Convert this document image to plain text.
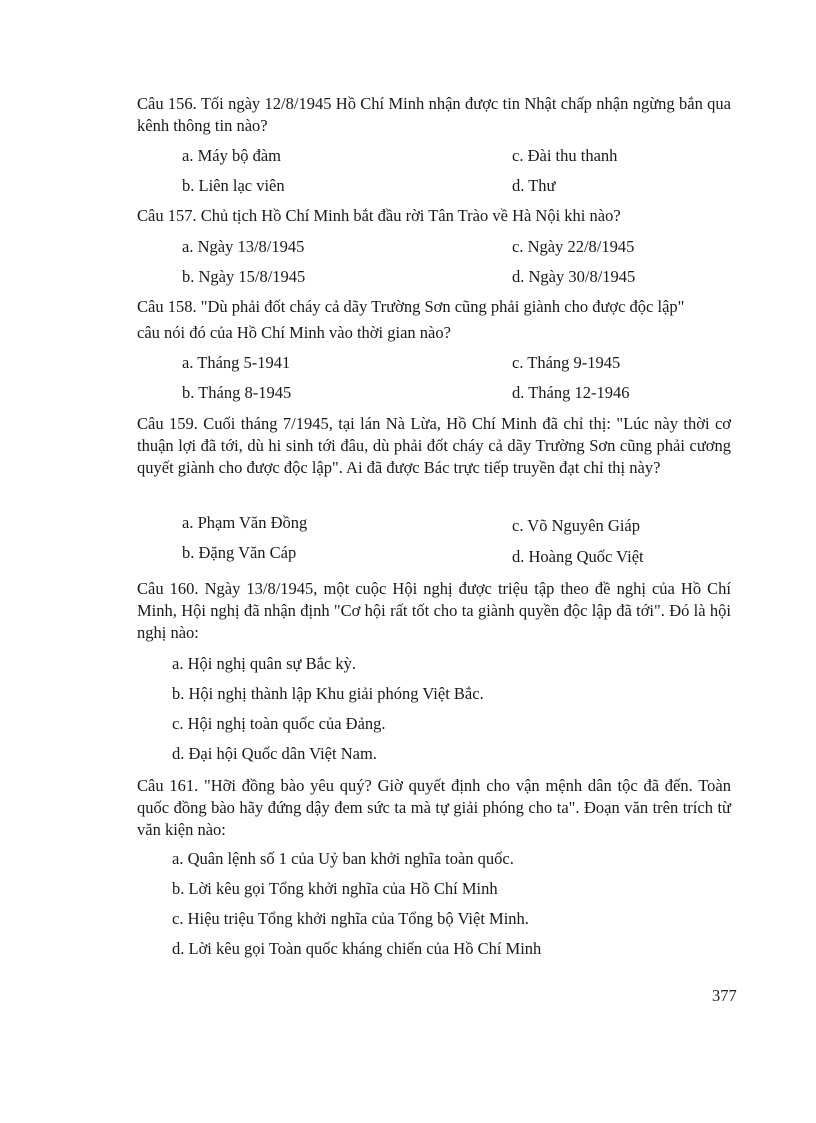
Câu 156. Tối ngày 12/8/1945 Hồ Chí Minh nhận được tin Nhật chấp nhận ngừng bắn qua kênh thông tin nào?
a. Máy bộ đàm	c. Đài thu thanh
b. Liên lạc viên	d. Thư
Câu 157. Chủ tịch Hồ Chí Minh bắt đầu rời Tân Trào về Hà Nội khi nào?
a. Ngày 13/8/1945	c. Ngày 22/8/1945
b. Ngày 15/8/1945	d. Ngày 30/8/1945
Câu 158. "Dù phải đốt cháy cả dãy Trường Sơn cũng phải giành cho được độc lập"
câu nói đó của Hồ Chí Minh vào thời gian nào?
a. Tháng 5-1941	c. Tháng 9-1945
b. Tháng 8-1945	d. Tháng 12-1946
Câu 159. Cuối tháng 7/1945, tại lán Nà Lừa, Hồ Chí Minh đã chỉ thị: "Lúc này thời cơ thuận lợi đã tới, dù hi sinh tới đâu, dù phải đốt cháy cả dãy Trường Sơn cũng phải cương quyết giành cho được độc lập". Ai đã được Bác trực tiếp truyền đạt chỉ thị này?
a. Phạm Văn Đồng	c. Võ Nguyên Giáp
b. Đặng Văn Cáp	d. Hoàng Quốc Việt
Câu 160. Ngày 13/8/1945, một cuộc Hội nghị được triệu tập theo đề nghị của Hồ Chí Minh, Hội nghị đã nhận định "Cơ hội rất tốt cho ta giành quyền độc lập đã tới". Đó là hội nghị nào:
a. Hội nghị quân sự Bắc kỳ.
b. Hội nghị thành lập Khu giải phóng Việt Bắc.
c. Hội nghị toàn quốc của Đảng.
d. Đại hội Quốc dân Việt Nam.
Câu 161. "Hỡi đồng bào yêu quý? Giờ quyết định cho vận mệnh dân tộc đã đến. Toàn quốc đồng bào hãy đứng dậy đem sức ta mà tự giải phóng cho ta". Đoạn văn trên trích từ văn kiện nào:
a. Quân lệnh số 1 của Uỷ ban khởi nghĩa toàn quốc.
b. Lời kêu gọi Tổng khởi nghĩa của Hồ Chí Minh
c. Hiệu triệu Tổng khởi nghĩa của Tổng bộ Việt Minh.
d. Lời kêu gọi Toàn quốc kháng chiến của Hồ Chí Minh
377
